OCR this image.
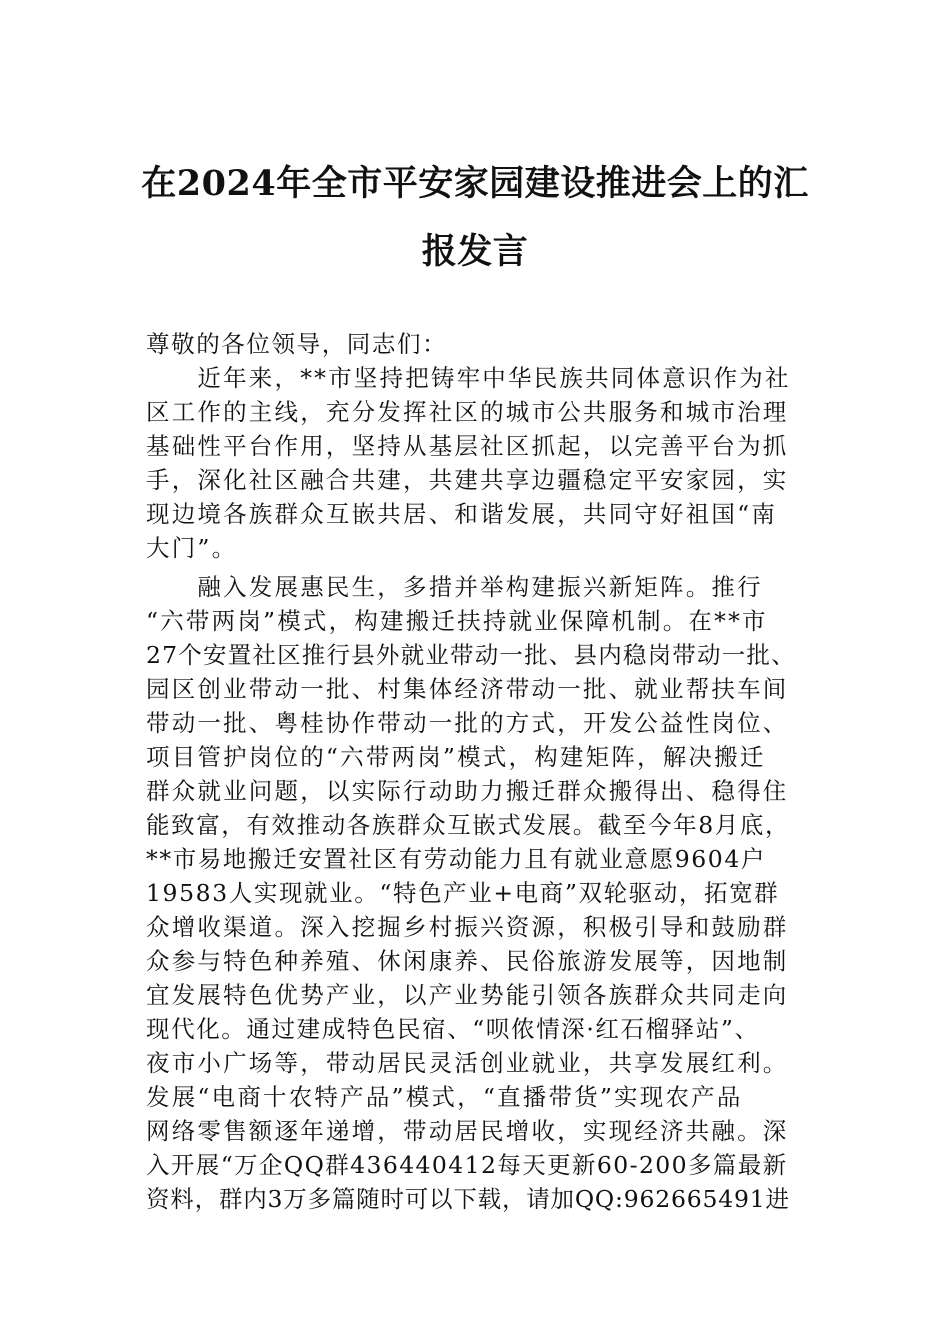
在2024年全市平安家园建设推进会上的汇
报发言
尊敬的各位领导，同志们：
　　近年来，**市坚持把铸牢中华民族共同体意识作为社
区工作的主线，充分发挥社区的城市公共服务和城市治理
基础性平台作用，坚持从基层社区抓起，以完善平台为抓
手，深化社区融合共建，共建共享边疆稳定平安家园，实
现边境各族群众互嵌共居、和谐发展，共同守好祖国“南
大门”。
　　融入发展惠民生，多措并举构建振兴新矩阵。推行
“六带两岗”模式，构建搬迁扶持就业保障机制。在**市
27个安置社区推行县外就业带动一批、县内稳岗带动一批、
园区创业带动一批、村集体经济带动一批、就业帮扶车间
带动一批、粤桂协作带动一批的方式，开发公益性岗位、
项目管护岗位的“六带两岗”模式，构建矩阵，解决搬迁
群众就业问题，以实际行动助力搬迁群众搬得出、稳得住
能致富，有效推动各族群众互嵌式发展。截至今年8月底，
**市易地搬迁安置社区有劳动能力且有就业意愿9604户
19583人实现就业。“特色产业+电商”双轮驱动，拓宽群
众增收渠道。深入挖掘乡村振兴资源，积极引导和鼓励群
众参与特色种养殖、休闲康养、民俗旅游发展等，因地制
宜发展特色优势产业，以产业势能引领各族群众共同走向
现代化。通过建成特色民宿、“呗侬情深·红石榴驿站”、
夜市小广场等，带动居民灵活创业就业，共享发展红利。
发展“电商十农特产品”模式，“直播带货”实现农产品
网络零售额逐年递增，带动居民增收，实现经济共融。深
入开展“万企QQ群436440412每天更新60-200多篇最新
资料，群内3万多篇随时可以下载，请加QQ:962665491进
